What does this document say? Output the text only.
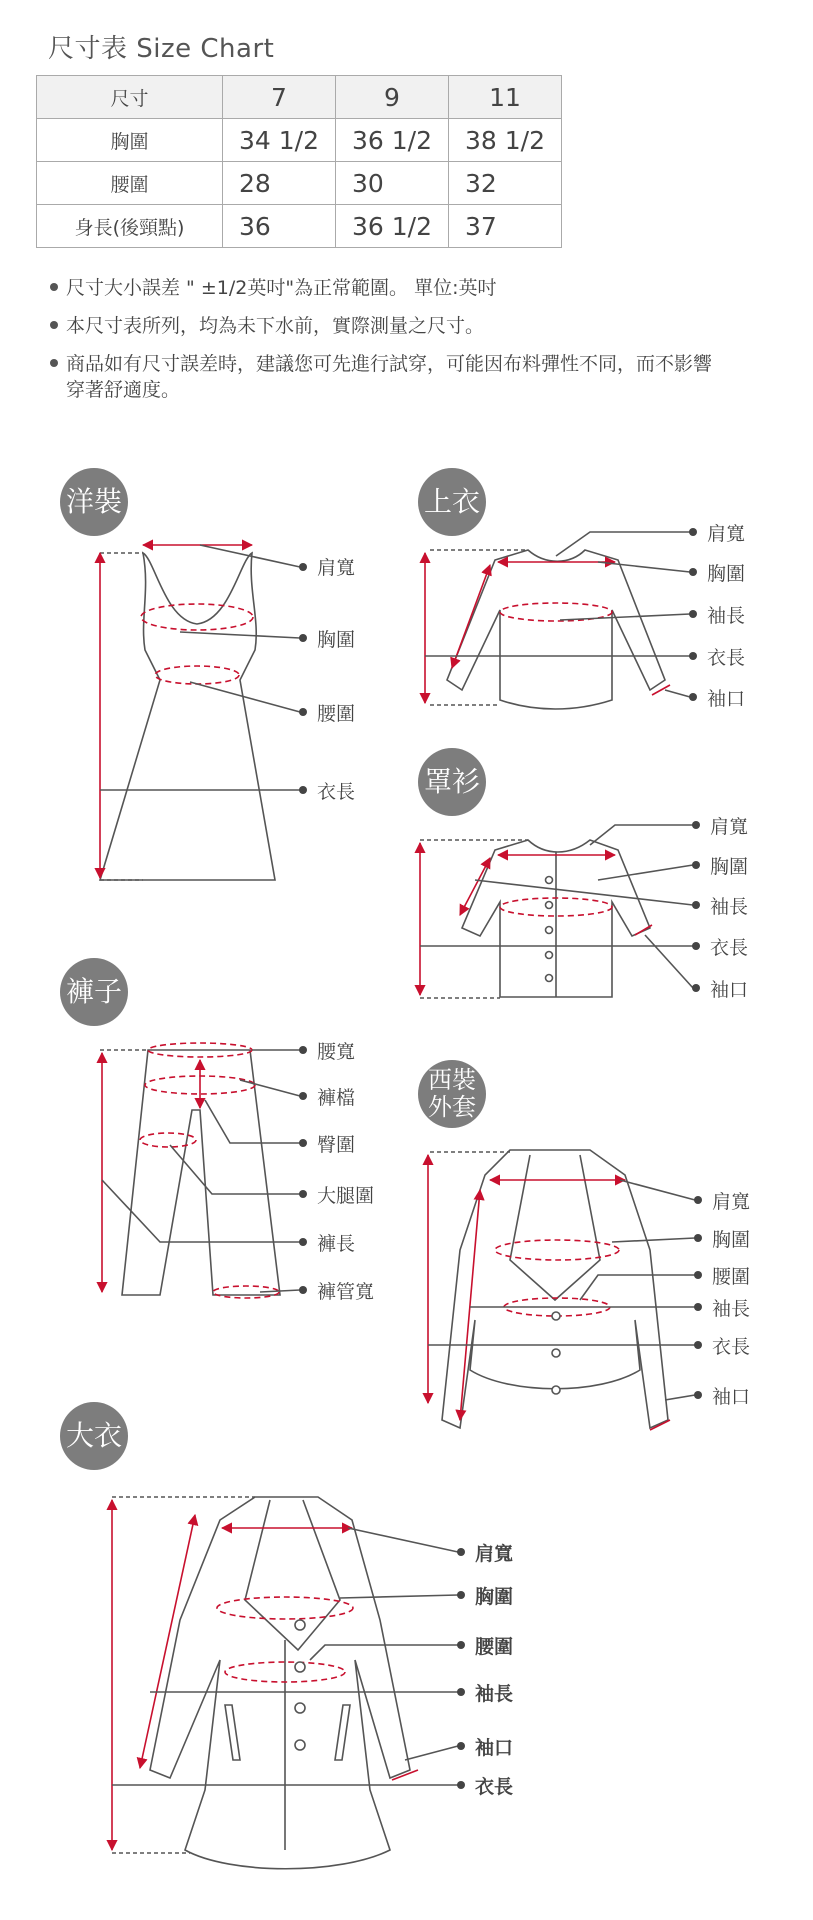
尺寸表 Size Chart
尺寸	7	9	11
胸圍	34 1/2	36 1/2	38 1/2
腰圍	28	30	32
身長(後頸點)	36	36 1/2	37
尺寸大小誤差 " ±1/2英吋"為正常範圍。 單位:英吋
本尺寸表所列，均為未下水前，實際測量之尺寸。
商品如有尺寸誤差時，建議您可先進行試穿，可能因布料彈性不同，而不影響
穿著舒適度。
洋裝	上衣
罩衫
褲子
西裝
外套
大衣
肩寬
胸圍
腰圍
衣長
肩寬
胸圍
袖長
衣長
袖口
肩寬
胸圍
袖長
衣長
袖口
腰寬
褲檔
臀圍
大腿圍
褲長
褲管寬
肩寬
胸圍
腰圍
袖長
衣長
袖口
肩寬
胸圍
腰圍
袖長
袖口
衣長
